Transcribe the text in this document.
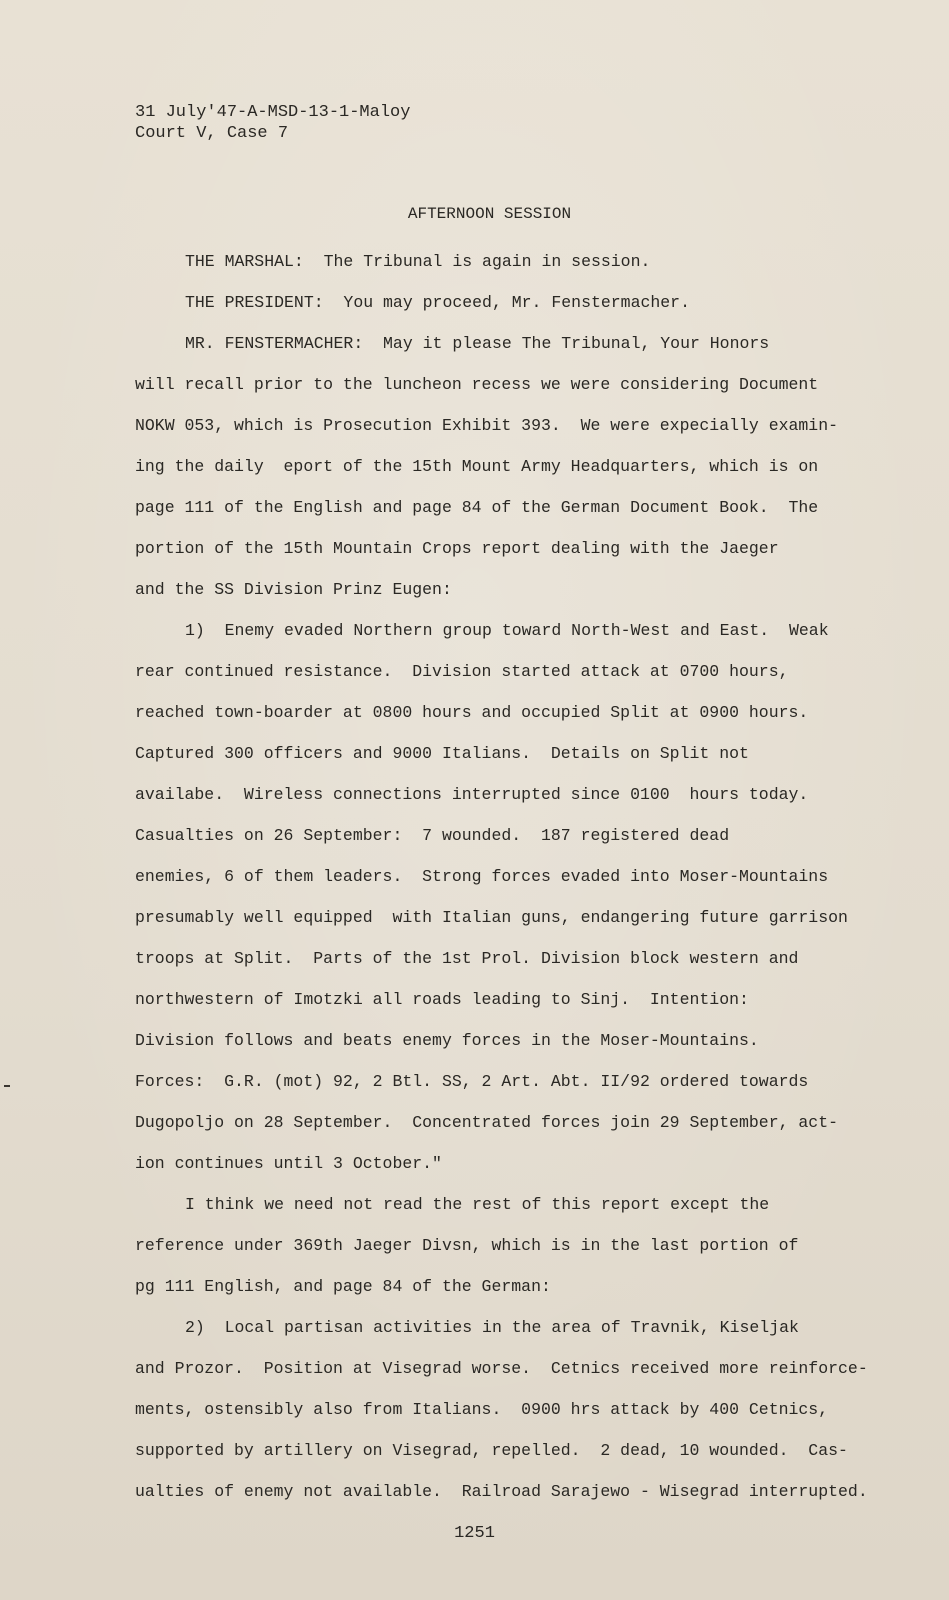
31 July'47-A-MSD-13-1-Maloy
Court V, Case 7
AFTERNOON SESSION
THE MARSHAL:  The Tribunal is again in session.
THE PRESIDENT:  You may proceed, Mr. Fenstermacher.
MR. FENSTERMACHER:  May it please The Tribunal, Your Honors
will recall prior to the luncheon recess we were considering Document
NOKW 053, which is Prosecution Exhibit 393.  We were expecially examin-
ing the daily  eport of the 15th Mount Army Headquarters, which is on
page 111 of the English and page 84 of the German Document Book.  The
portion of the 15th Mountain Crops report dealing with the Jaeger
and the SS Division Prinz Eugen:
1)  Enemy evaded Northern group toward North-West and East.  Weak
rear continued resistance.  Division started attack at 0700 hours,
reached town-boarder at 0800 hours and occupied Split at 0900 hours.
Captured 300 officers and 9000 Italians.  Details on Split not
availabe.  Wireless connections interrupted since 0100  hours today.
Casualties on 26 September:  7 wounded.  187 registered dead
enemies, 6 of them leaders.  Strong forces evaded into Moser-Mountains
presumably well equipped  with Italian guns, endangering future garrison
troops at Split.  Parts of the 1st Prol. Division block western and
northwestern of Imotzki all roads leading to Sinj.  Intention:
Division follows and beats enemy forces in the Moser-Mountains.
Forces:  G.R. (mot) 92, 2 Btl. SS, 2 Art. Abt. II/92 ordered towards
Dugopoljo on 28 September.  Concentrated forces join 29 September, act-
ion continues until 3 October."
I think we need not read the rest of this report except the
reference under 369th Jaeger Divsn, which is in the last portion of
pg 111 English, and page 84 of the German:
2)  Local partisan activities in the area of Travnik, Kiseljak
and Prozor.  Position at Visegrad worse.  Cetnics received more reinforce-
ments, ostensibly also from Italians.  0900 hrs attack by 400 Cetnics,
supported by artillery on Visegrad, repelled.  2 dead, 10 wounded.  Cas-
ualties of enemy not available.  Railroad Sarajewo - Wisegrad interrupted.
1251
